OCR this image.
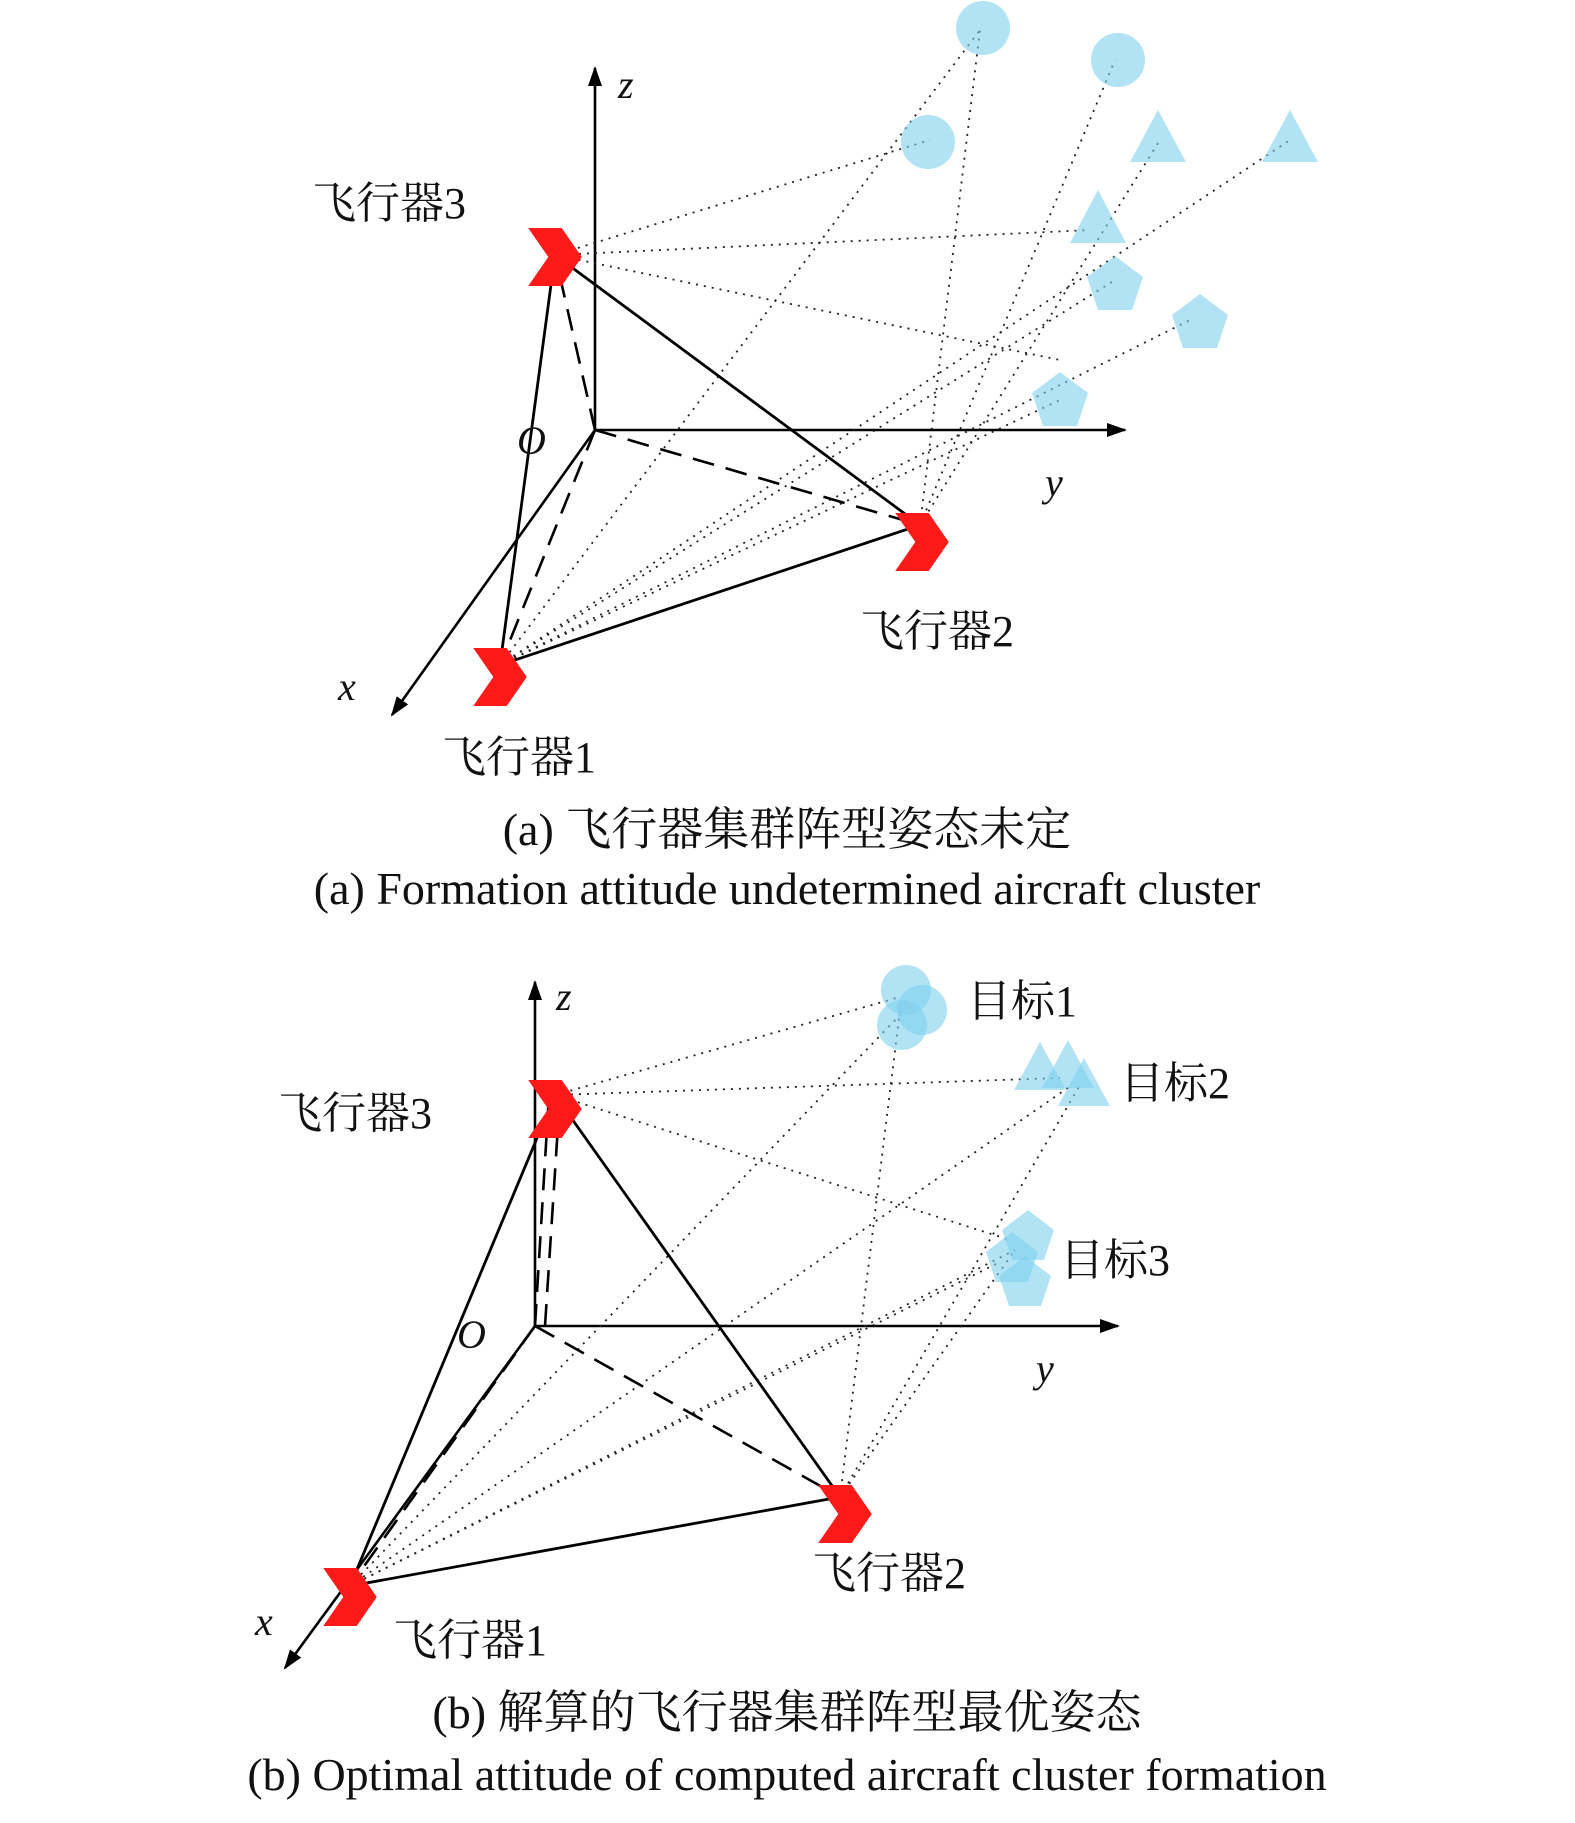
z
y
x
O
飞行器3
飞行器2
飞行器1
(a) 飞行器集群阵型姿态未定
(a) Formation attitude undetermined aircraft cluster
z
y
x
O
飞行器3
飞行器2
飞行器1
目标1
目标2
目标3
(b) 解算的飞行器集群阵型最优姿态
(b) Optimal attitude of computed aircraft cluster formation
